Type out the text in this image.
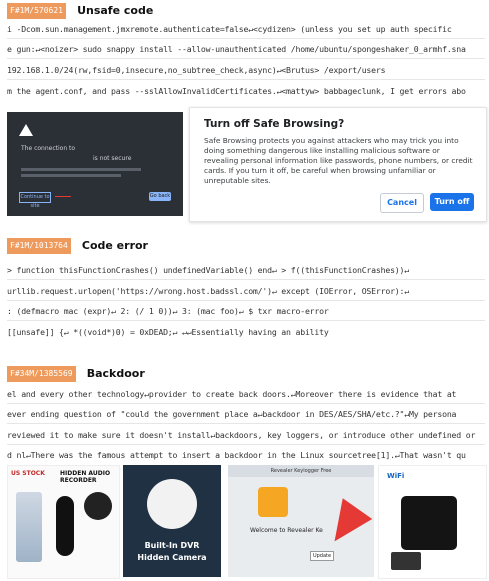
F#1M/570621 Unsafe code
i -Dcom.sun.management.jmxremote.authenticate=false↵<cydizen> (unless you set up auth specific
e gun:↵<noizer> sudo snappy install --allow-unauthenticated /home/ubuntu/spongeshaker_0_armhf.sna
192.168.1.0/24(rw,fsid=0,insecure,no_subtree_check,async)↵<Brutus> /export/users
m the agent.conf, and pass --sslAllowInvalidCertificates.↵<mattyw> babbageclunk, I get errors abo
The connection to
is not secure
Continue to site
Go back
Turn off Safe Browsing?
Safe Browsing protects you against attackers who may trick you into doing something dangerous like installing malicious software or revealing personal information like passwords, phone numbers, or credit cards. If you turn it off, be careful when browsing unfamiliar or unreputable sites.
Cancel	Turn off
F#1M/1013764 Code error
> function thisFunctionCrashes() undefinedVariable() end↵ > f((thisFunctionCrashes))↵
urllib.request.urlopen('https://wrong.host.badssl.com/')↵ except (IOError, OSError):↵
: (defmacro mac (expr)↵ 2: (/ 1 0))↵ 3: (mac foo)↵ $ txr macro-error
[[unsafe]] {↵ *((void*)0) = 0xDEAD;↵ ↵↵Essentially having an ability
F#34M/1385569 Backdoor
el and every other technology↵provider to create back doors.↵Moreover there is evidence that at
ever ending question of "could the government place a↵backdoor in DES/AES/SHA/etc.?"↵My persona
reviewed it to make sure it doesn't install↵backdoors, key loggers, or introduce other undefined or
d nl↵There was the famous attempt to insert a backdoor in the Linux sourcetree[1].↵That wasn't qu
US STOCK	HIDDEN AUDIO RECORDER
Built-In DVR
Hidden Camera
Revealer Keylogger Free
Welcome to Revealer Ke
Update
WiFi
